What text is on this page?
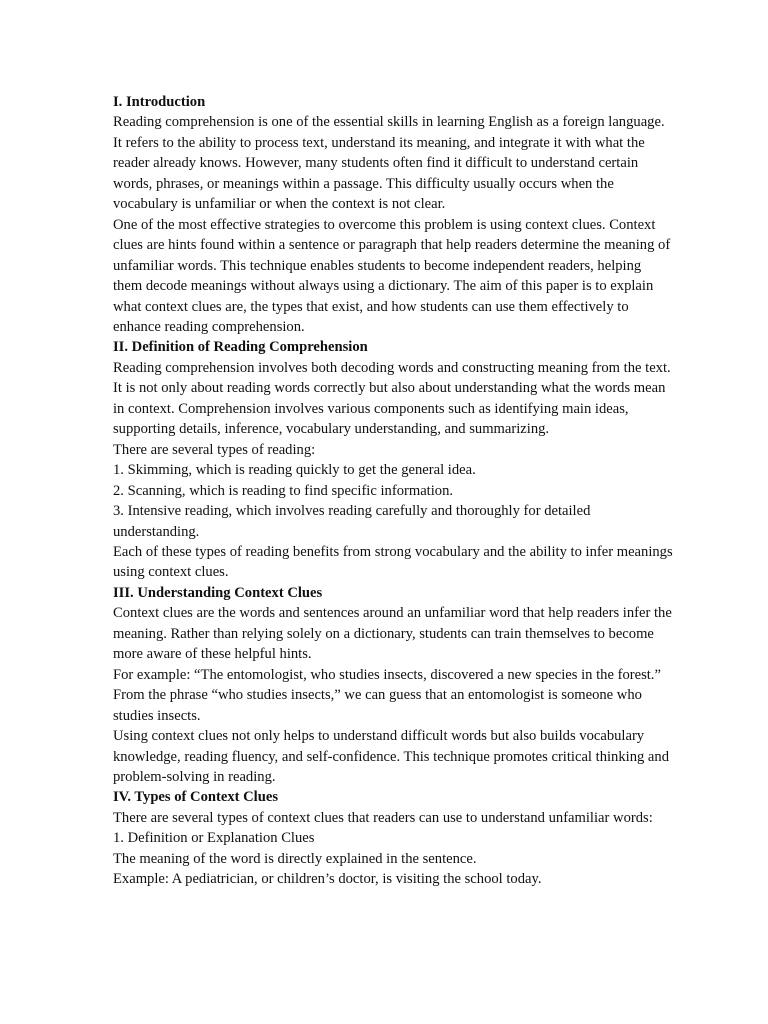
I. Introduction

Reading comprehension is one of the essential skills in learning English as a foreign language. It refers to the ability to process text, understand its meaning, and integrate it with what the reader already knows. However, many students often find it difficult to understand certain words, phrases, or meanings within a passage. This difficulty usually occurs when the vocabulary is unfamiliar or when the context is not clear.

One of the most effective strategies to overcome this problem is using context clues. Context clues are hints found within a sentence or paragraph that help readers determine the meaning of unfamiliar words. This technique enables students to become independent readers, helping them decode meanings without always using a dictionary. The aim of this paper is to explain what context clues are, the types that exist, and how students can use them effectively to enhance reading comprehension.

II. Definition of Reading Comprehension

Reading comprehension involves both decoding words and constructing meaning from the text. It is not only about reading words correctly but also about understanding what the words mean in context. Comprehension involves various components such as identifying main ideas, supporting details, inference, vocabulary understanding, and summarizing.

There are several types of reading:

1. Skimming, which is reading quickly to get the general idea.

2. Scanning, which is reading to find specific information.

3. Intensive reading, which involves reading carefully and thoroughly for detailed understanding.

Each of these types of reading benefits from strong vocabulary and the ability to infer meanings using context clues.

III. Understanding Context Clues

Context clues are the words and sentences around an unfamiliar word that help readers infer the meaning. Rather than relying solely on a dictionary, students can train themselves to become more aware of these helpful hints.

For example: “The entomologist, who studies insects, discovered a new species in the forest.” From the phrase “who studies insects,” we can guess that an entomologist is someone who studies insects.

Using context clues not only helps to understand difficult words but also builds vocabulary knowledge, reading fluency, and self-confidence. This technique promotes critical thinking and problem-solving in reading.

IV. Types of Context Clues

There are several types of context clues that readers can use to understand unfamiliar words:

1. Definition or Explanation Clues

The meaning of the word is directly explained in the sentence.

Example: A pediatrician, or children’s doctor, is visiting the school today.
